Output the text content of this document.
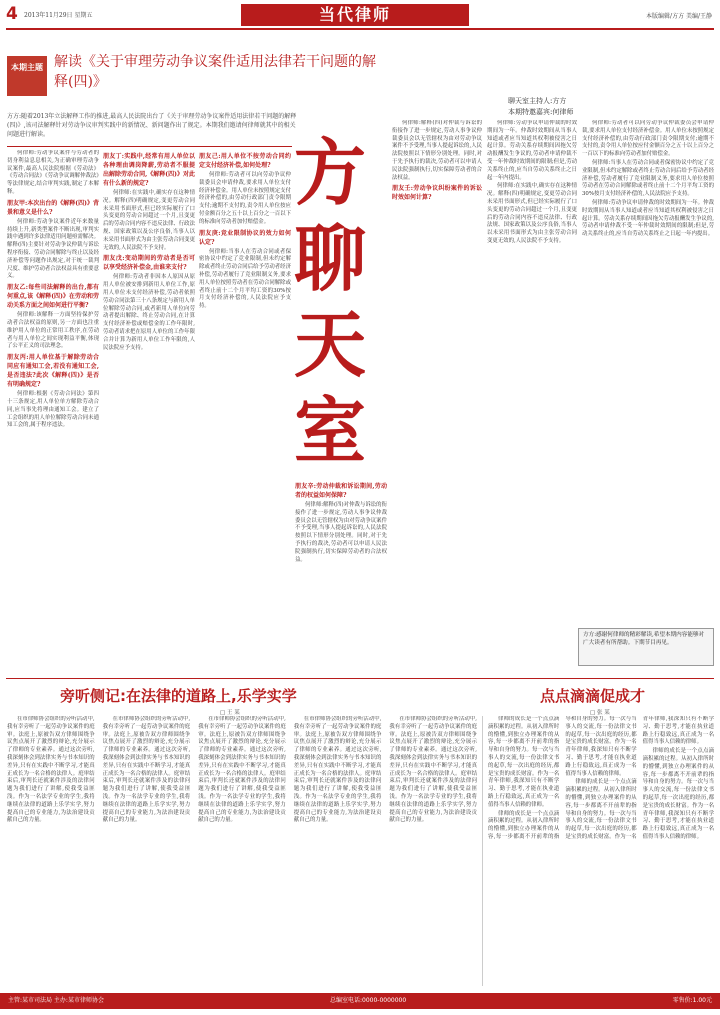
4 2013年11月29日 星期五	当代律师	本版编辑/方方 美编/王静
本期主题 解读《关于审理劳动争议案件适用法律若干问题的解释(四)》
聊天室主持人:方方
本期特邀嘉宾:何律师
方方:随着2013年立法解释工作的推进,最高人民法院出台了《关于审理劳动争议案件适用法律若干问题的解释(四)》,该司法解释针对劳动争议审判实践中的新情况、新问题作出了规定。本期我们邀请何律师就其中的相关问题进行解读。	方聊天室

何律师:劳动争议案件与劳动者的切身利益息息相关,为正确审理劳动争议案件,最高人民法院根据《劳动法》《劳动合同法》《劳动争议调解仲裁法》等法律规定,结合审判实践,制定了本解释。

朋友甲:本次出台的《解释(四)》背景和意义是什么?

何律师:劳动争议案件近年来数量持续上升,新类型案件不断出现,审判实践中遇到许多法律适用问题亟需解决。解释(四)主要针对劳动争议仲裁与诉讼程序衔接、劳动合同解除与终止以及经济补偿等问题作出规定,对于统一裁判尺度、维护劳动者合法权益具有重要意义。

朋友乙:每些司法解释的出台,都有何重点,该《解释(四)》在劳动和劳动关系方面之间如何进行平衡?

何律师:该解释一方面坚持保护劳动者合法权益的原则,另一方面也注重维护用人单位的正常用工秩序,在劳动者与用人单位之间实现利益平衡,体现了公平正义的司法理念。

朋友丙:用人单位基于解除劳动合同应有通知工会,若没有通知工会,是否违法?此次《解释(四)》是否有明确规定?

何律师:根据《劳动合同法》第四十三条规定,用人单位单方解除劳动合同,应当事先将理由通知工会。建立了工会组织的用人单位解除劳动合同未通知工会的,属于程序违法。

朋友丁:实践中,经常有用人单位以各种理由调岗降薪,劳动者不服提出解除劳动合同,《解释(四)》对此有什么新的规定?

何律师:在实践中,确实存在这种情况。解释(四)明确规定,变更劳动合同未采用书面形式,但已经实际履行了口头变更的劳动合同超过一个月,且变更后的劳动合同内容不违反法律、行政法规、国家政策以及公序良俗,当事人以未采用书面形式为由主张劳动合同变更无效的,人民法院不予支持。

朋友戊:变动期间的劳动者是否可以享受经济补偿金,由谁来支付?

何律师:劳动者非因本人原因从原用人单位被安排到新用人单位工作,原用人单位未支付经济补偿,劳动者依照劳动合同法第三十八条规定与新用人单位解除劳动合同,或者新用人单位向劳动者提出解除、终止劳动合同,在计算支付经济补偿或赔偿金的工作年限时,劳动者请求把在原用人单位的工作年限合并计算为新用人单位工作年限的,人民法院应予支持。

朋友己:用人单位不按劳动合同约定支付经济补偿,如何处理?

何律师:劳动者可以向劳动争议仲裁委员会申请仲裁,要求用人单位支付经济补偿金。用人单位未按照规定支付经济补偿的,由劳动行政部门责令限期支付;逾期不支付的,责令用人单位按应付金额百分之五十以上百分之一百以下的标准向劳动者加付赔偿金。

朋友庚:竞业限制协议的效力如何认定?

何律师:当事人在劳动合同或者保密协议中约定了竞业限制,但未约定解除或者终止劳动合同后给予劳动者经济补偿,劳动者履行了竞业限制义务,要求用人单位按照劳动者在劳动合同解除或者终止前十二个月平均工资的30%按月支付经济补偿的,人民法院应予支持。

朋友辛:劳动仲裁和诉讼期间,劳动者的权益如何保障?

何律师:解释(四)对仲裁与诉讼的衔接作了进一步规定,劳动人事争议仲裁委员会以无管辖权为由对劳动争议案件不予受理,当事人提起诉讼的,人民法院按照以下情形分别处理。同时,对于先予执行的裁决,劳动者可以申请人民法院强制执行,切实保障劳动者的合法权益。

何律师:解释(四)对仲裁与诉讼的衔接作了进一步规定,劳动人事争议仲裁委员会以无管辖权为由对劳动争议案件不予受理,当事人提起诉讼的,人民法院按照以下情形分别处理。同时,对于先予执行的裁决,劳动者可以申请人民法院强制执行,切实保障劳动者的合法权益。

朋友壬:劳动争议纠纷案件的诉讼时效如何计算?

何律师:劳动争议申请仲裁的时效期间为一年。仲裁时效期间从当事人知道或者应当知道其权利被侵害之日起计算。劳动关系存续期间因拖欠劳动报酬发生争议的,劳动者申请仲裁不受一年仲裁时效期间的限制;但是,劳动关系终止的,应当自劳动关系终止之日起一年内提出。

何律师:在实践中,确实存在这种情况。解释(四)明确规定,变更劳动合同未采用书面形式,但已经实际履行了口头变更的劳动合同超过一个月,且变更后的劳动合同内容不违反法律、行政法规、国家政策以及公序良俗,当事人以未采用书面形式为由主张劳动合同变更无效的,人民法院不予支持。

何律师:劳动者可以向劳动争议仲裁委员会申请仲裁,要求用人单位支付经济补偿金。用人单位未按照规定支付经济补偿的,由劳动行政部门责令限期支付;逾期不支付的,责令用人单位按应付金额百分之五十以上百分之一百以下的标准向劳动者加付赔偿金。

何律师:当事人在劳动合同或者保密协议中约定了竞业限制,但未约定解除或者终止劳动合同后给予劳动者经济补偿,劳动者履行了竞业限制义务,要求用人单位按照劳动者在劳动合同解除或者终止前十二个月平均工资的30%按月支付经济补偿的,人民法院应予支持。

何律师:劳动争议申请仲裁的时效期间为一年。仲裁时效期间从当事人知道或者应当知道其权利被侵害之日起计算。劳动关系存续期间因拖欠劳动报酬发生争议的,劳动者申请仲裁不受一年仲裁时效期间的限制;但是,劳动关系终止的,应当自劳动关系终止之日起一年内提出。

方方:感谢何律师的精彩解读,希望本期内容能够对广大读者有所帮助。下期节目再见。
旁听侧记:在法律的道路上,乐学实学
□ 王 某

在市律师协会组织的旁听活动中,我有幸旁听了一起劳动争议案件的庭审。法庭上,原被告双方律师围绕争议焦点展开了激烈的辩论,充分展示了律师的专业素养。通过这次旁听,我深刻体会到法律实务与书本知识的差异,只有在实践中不断学习,才能真正成长为一名合格的法律人。庭审结束后,审判长还就案件涉及的法律问题为我们进行了讲解,使我受益匪浅。作为一名法学专业的学生,我将继续在法律的道路上乐学实学,努力提高自己的专业能力,为法治建设贡献自己的力量。

在市律师协会组织的旁听活动中,我有幸旁听了一起劳动争议案件的庭审。法庭上,原被告双方律师围绕争议焦点展开了激烈的辩论,充分展示了律师的专业素养。通过这次旁听,我深刻体会到法律实务与书本知识的差异,只有在实践中不断学习,才能真正成长为一名合格的法律人。庭审结束后,审判长还就案件涉及的法律问题为我们进行了讲解,使我受益匪浅。作为一名法学专业的学生,我将继续在法律的道路上乐学实学,努力提高自己的专业能力,为法治建设贡献自己的力量。

在市律师协会组织的旁听活动中,我有幸旁听了一起劳动争议案件的庭审。法庭上,原被告双方律师围绕争议焦点展开了激烈的辩论,充分展示了律师的专业素养。通过这次旁听,我深刻体会到法律实务与书本知识的差异,只有在实践中不断学习,才能真正成长为一名合格的法律人。庭审结束后,审判长还就案件涉及的法律问题为我们进行了讲解,使我受益匪浅。作为一名法学专业的学生,我将继续在法律的道路上乐学实学,努力提高自己的专业能力,为法治建设贡献自己的力量。

在市律师协会组织的旁听活动中,我有幸旁听了一起劳动争议案件的庭审。法庭上,原被告双方律师围绕争议焦点展开了激烈的辩论,充分展示了律师的专业素养。通过这次旁听,我深刻体会到法律实务与书本知识的差异,只有在实践中不断学习,才能真正成长为一名合格的法律人。庭审结束后,审判长还就案件涉及的法律问题为我们进行了讲解,使我受益匪浅。作为一名法学专业的学生,我将继续在法律的道路上乐学实学,努力提高自己的专业能力,为法治建设贡献自己的力量。

在市律师协会组织的旁听活动中,我有幸旁听了一起劳动争议案件的庭审。法庭上,原被告双方律师围绕争议焦点展开了激烈的辩论,充分展示了律师的专业素养。通过这次旁听,我深刻体会到法律实务与书本知识的差异,只有在实践中不断学习,才能真正成长为一名合格的法律人。庭审结束后,审判长还就案件涉及的法律问题为我们进行了讲解,使我受益匪浅。作为一名法学专业的学生,我将继续在法律的道路上乐学实学,努力提高自己的专业能力,为法治建设贡献自己的力量。

点点滴滴促成才
□ 张 某

律师的成长是一个点点滴滴积累的过程。从初入律所时的懵懂,到独立办理案件的从容,每一步都离不开前辈的指导和自身的努力。每一次与当事人的交流,每一份法律文书的起草,每一次出庭的经历,都是宝贵的成长财富。作为一名青年律师,我深知只有不断学习、勤于思考,才能在执业道路上行稳致远,真正成为一名值得当事人信赖的律师。

律师的成长是一个点点滴滴积累的过程。从初入律所时的懵懂,到独立办理案件的从容,每一步都离不开前辈的指导和自身的努力。每一次与当事人的交流,每一份法律文书的起草,每一次出庭的经历,都是宝贵的成长财富。作为一名青年律师,我深知只有不断学习、勤于思考,才能在执业道路上行稳致远,真正成为一名值得当事人信赖的律师。

律师的成长是一个点点滴滴积累的过程。从初入律所时的懵懂,到独立办理案件的从容,每一步都离不开前辈的指导和自身的努力。每一次与当事人的交流,每一份法律文书的起草,每一次出庭的经历,都是宝贵的成长财富。作为一名青年律师,我深知只有不断学习、勤于思考,才能在执业道路上行稳致远,真正成为一名值得当事人信赖的律师。

律师的成长是一个点点滴滴积累的过程。从初入律所时的懵懂,到独立办理案件的从容,每一步都离不开前辈的指导和自身的努力。每一次与当事人的交流,每一份法律文书的起草,每一次出庭的经历,都是宝贵的成长财富。作为一名青年律师,我深知只有不断学习、勤于思考,才能在执业道路上行稳致远,真正成为一名值得当事人信赖的律师。

主管:某市司法局 主办:某市律师协会	总编室电话:0000-0000000	零售价:1.00元
